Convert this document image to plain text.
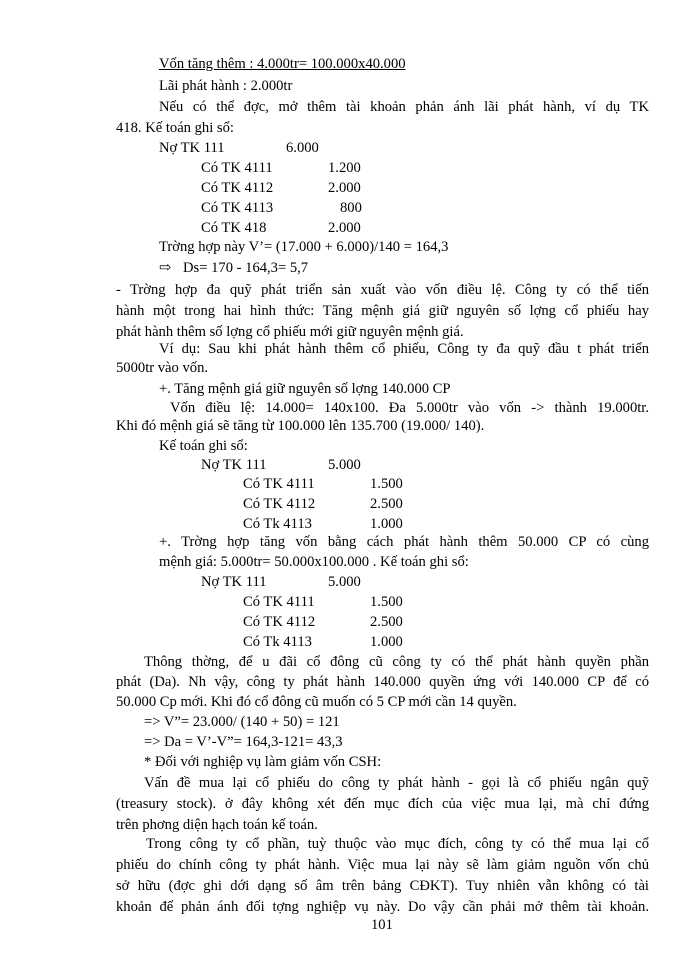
Vốn tăng thêm : 4.000tr= 100.000x40.000
Lãi phát hành : 2.000tr
Nếu có thể đợc, mở thêm tài khoản phản ánh lãi phát hành, ví dụ TK
418. Kế toán ghi sổ:
Nợ TK 111	6.000
Có TK 4111	1.200
Có TK 4112	2.000
Có TK 4113	800
Có TK 418	2.000
Trờng hợp này V’= (17.000 + 6.000)/140 = 164,3
⇨ Ds= 170 - 164,3= 5,7
- Trờng hợp đa quỹ phát triển sản xuất vào vốn điều lệ. Công ty có thể tiến
hành một trong hai hình thức: Tăng mệnh giá giữ nguyên số lợng cổ phiếu hay
phát hành thêm số lợng cổ phiếu mới giữ nguyên mệnh giá.
Ví dụ: Sau khi phát hành thêm cổ phiếu, Công ty đa quỹ đầu t phát triển
5000tr vào vốn.
+. Tăng mệnh giá giữ nguyên số lợng 140.000 CP
Vốn điều lệ: 14.000= 140x100. Đa 5.000tr vào vốn -> thành 19.000tr.
Khi đó mệnh giá sẽ tăng từ 100.000 lên 135.700 (19.000/ 140).
Kế toán ghi sổ:
Nợ TK 111	5.000
Có TK 4111	1.500
Có TK 4112	2.500
Có Tk 4113	1.000
+. Trờng hợp tăng vốn bằng cách phát hành thêm 50.000 CP có cùng
mệnh giá: 5.000tr= 50.000x100.000 . Kế toán ghi sổ:
Nợ TK 111	5.000
Có TK 4111	1.500
Có TK 4112	2.500
Có Tk 4113	1.000
Thông thờng, để u đãi cổ đông cũ công ty có thể phát hành quyền phần
phát (Da). Nh vậy, công ty phát hành 140.000 quyền ứng với 140.000 CP để có
50.000 Cp mới. Khi đó cổ đông cũ muốn có 5 CP mới cần 14 quyền.
=> V”= 23.000/ (140 + 50) = 121
=> Da = V’-V”= 164,3-121= 43,3
* Đối với nghiệp vụ làm giảm vốn CSH:
Vấn đề mua lại cổ phiếu do công ty phát hành - gọi là cổ phiếu ngân quỹ
(treasury stock). ở đây không xét đến mục đích của việc mua lại, mà chỉ đứng
trên phơng diện hạch toán kế toán.
Trong công ty cổ phần, tuỳ thuộc vào mục đích, công ty có thể mua lại cổ
phiếu do chính công ty phát hành. Việc mua lại này sẽ làm giảm nguồn vốn chủ
sở hữu (đợc ghi dới dạng số âm trên bảng CĐKT). Tuy nhiên vẫn không có tài
khoản để phản ánh đối tợng nghiệp vụ này. Do vậy cần phải mở thêm tài khoản.
101
